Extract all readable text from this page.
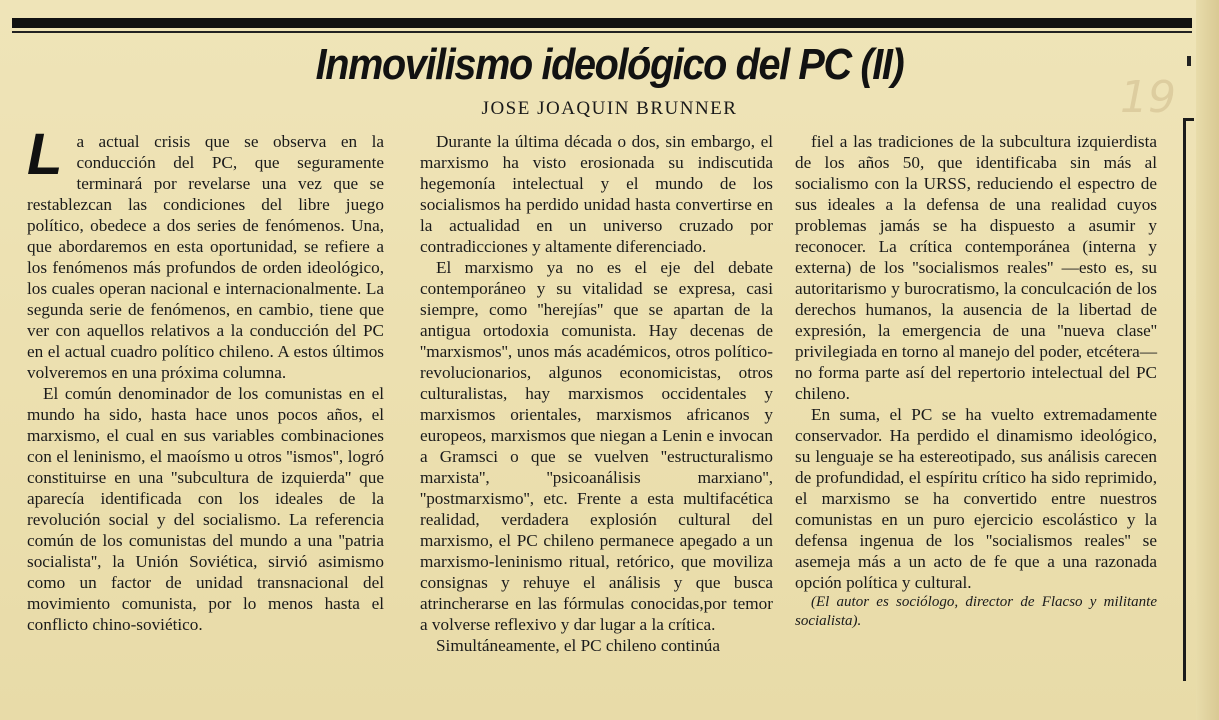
19
Inmovilismo ideológico del PC (II)
JOSE JOAQUIN BRUNNER

La actual crisis que se observa en la conducción del PC, que seguramente terminará por revelarse una vez que se restablezcan las condiciones del libre juego político, obedece a dos series de fenómenos. Una, que abordaremos en esta oportunidad, se refiere a los fenómenos más profundos de orden ideológico, los cuales operan nacional e internacionalmente. La segunda serie de fenómenos, en cambio, tiene que ver con aquellos relativos a la conducción del PC en el actual cuadro político chileno. A estos últimos volveremos en una próxima columna.

El común denominador de los comunistas en el mundo ha sido, hasta hace unos pocos años, el marxismo, el cual en sus variables combinaciones con el leninismo, el maoísmo u otros ''ismos'', logró constituirse en una ''subcultura de izquierda'' que aparecía identificada con los ideales de la revolución social y del socialismo. La referencia común de los comunistas del mundo a una ''patria socialista'', la Unión Soviética, sirvió asimismo como un factor de unidad transnacional del movimiento comunista, por lo menos hasta el conflicto chino-soviético.

Durante la última década o dos, sin embargo, el marxismo ha visto erosionada su indiscutida hegemonía intelectual y el mundo de los socialismos ha perdido unidad hasta convertirse en la actualidad en un universo cruzado por contradicciones y altamente diferenciado.

El marxismo ya no es el eje del debate contemporáneo y su vitalidad se expresa, casi siempre, como ''herejías'' que se apartan de la antigua ortodoxia comunista. Hay decenas de ''marxismos'', unos más académicos, otros político-revolucionarios, algunos economicistas, otros culturalistas, hay marxismos occidentales y marxismos orientales, marxismos africanos y europeos, marxismos que niegan a Lenin e invocan a Gramsci o que se vuelven ''estructuralismo marxista'', ''psicoanálisis marxiano'', ''postmarxismo'', etc. Frente a esta multifacética realidad, verdadera explosión cultural del marxismo, el PC chileno permanece apegado a un marxismo-leninismo ritual, retórico, que moviliza consignas y rehuye el análisis y que busca atrincherarse en las fórmulas conocidas,por temor a volverse reflexivo y dar lugar a la crítica.

Simultáneamente, el PC chileno continúa

fiel a las tradiciones de la subcultura izquierdista de los años 50, que identificaba sin más al socialismo con la URSS, reduciendo el espectro de sus ideales a la defensa de una realidad cuyos problemas jamás se ha dispuesto a asumir y reconocer. La crítica contemporánea (interna y externa) de los ''socialismos reales'' —esto es, su autoritarismo y burocratismo, la conculcación de los derechos humanos, la ausencia de la libertad de expresión, la emergencia de una ''nueva clase'' privilegiada en torno al manejo del poder, etcétera— no forma parte así del repertorio intelectual del PC chileno.

En suma, el PC se ha vuelto extremadamente conservador. Ha perdido el dinamismo ideológico, su lenguaje se ha estereotipado, sus análisis carecen de profundidad, el espíritu crítico ha sido reprimido, el marxismo se ha convertido entre nuestros comunistas en un puro ejercicio escolástico y la defensa ingenua de los ''socialismos reales'' se asemeja más a un acto de fe que a una razonada opción política y cultural.

(El autor es sociólogo, director de Flacso y militante socialista).
